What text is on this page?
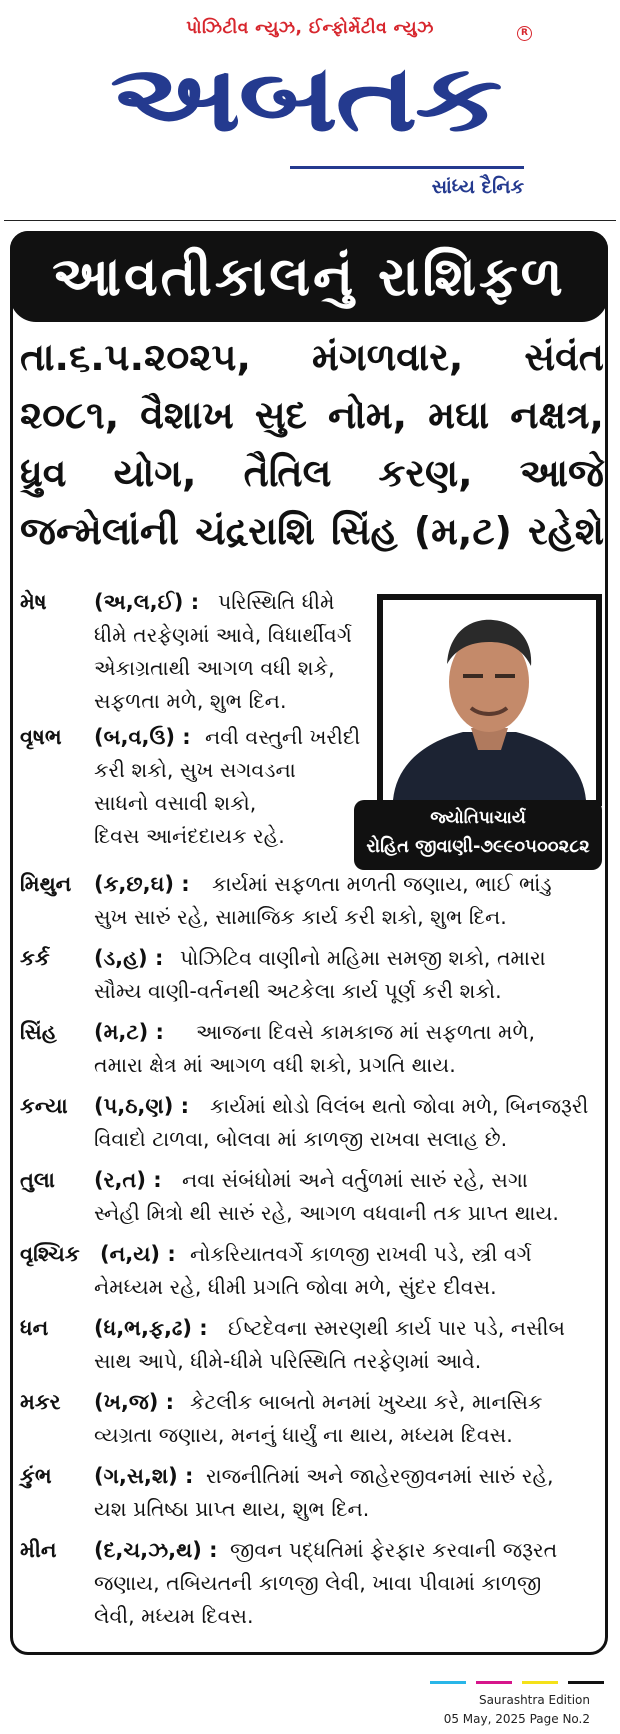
પોઝિટીવ ન્યુઝ, ઈન્ફોર્મેટીવ ન્યુઝ	R
અબતક
સાંધ્ય દૈનિક
આવતીકાલનું રાશિફળ
તા.૬.૫.૨૦૨૫, મંગળવાર, સંવંત
૨૦૮૧, વૈશાખ સુદ નોમ, મઘા નક્ષત્ર,
ધ્રુવ યોગ, તૈતિલ કરણ, આજે
જન્મેલાંની ચંદ્રરાશિ સિંહ (મ,ટ) રહેશે
જ્યોતિપાચાર્ય
રોહિત જીવાણી-૭૯૯૦૫૦૦૨૮૨
મેષ (અ,લ,ઈ) : પરિસ્થિતિ ધીમે
ધીમે તરફેણમાં આવે, વિધાર્થીવર્ગ
એકાગ્રતાથી આગળ વધી શકે,
સફળતા મળે, શુભ દિન.
વૃષભ (બ,વ,ઉ) : નવી વસ્તુની ખરીદી
કરી શકો, સુખ સગવડના
સાધનો વસાવી શકો,
દિવસ આનંદદાયક રહે.
મિથુન (ક,છ,ઘ) : કાર્યમાં સફળતા મળતી જણાય, ભાઈ ભાંડુ
સુખ સારું રહે, સામાજિક કાર્ય કરી શકો, શુભ દિન.
કર્ક (ડ,હ) : પોઝિટિવ વાણીનો મહિમા સમજી શકો, તમારા
સૌમ્ય વાણી-વર્તનથી અટકેલા કાર્ય પૂર્ણ કરી શકો.
સિંહ (મ,ટ) : આજના દિવસે કામકાજ માં સફળતા મળે,
તમારા ક્ષેત્ર માં આગળ વધી શકો, પ્રગતિ થાય.
કન્યા (પ,ઠ,ણ) : કાર્યમાં થોડો વિલંબ થતો જોવા મળે, બિનજરૂરી
વિવાદો ટાળવા, બોલવા માં કાળજી રાખવા સલાહ છે.
તુલા (ર,ત) : નવા સંબંધોમાં અને વર્તુળમાં સારું રહે, સગા
સ્નેહી મિત્રો થી સારું રહે, આગળ વધવાની તક પ્રાપ્ત થાય.
વૃશ્ચિક (ન,ય) : નોકરિયાતવર્ગે કાળજી રાખવી પડે, સ્ત્રી વર્ગ
નેમધ્યમ રહે, ધીમી પ્રગતિ જોવા મળે, સુંદર દીવસ.
ધન (ધ,ભ,ફ,ઢ) : ઈષ્ટદેવના સ્મરણથી કાર્ય પાર પડે, નસીબ
સાથ આપે, ધીમે-ધીમે પરિસ્થિતિ તરફેણમાં આવે.
મકર (ખ,જ) : કેટલીક બાબતો મનમાં ખુચ્યા કરે, માનસિક
વ્યગ્રતા જણાય, મનનું ધાર્યું ના થાય, મધ્યમ દિવસ.
કુંભ (ગ,સ,શ) : રાજનીતિમાં અને જાહેરજીવનમાં સારું રહે,
યશ પ્રતિષ્ઠા પ્રાપ્ત થાય, શુભ દિન.
મીન (દ,ચ,ઝ,થ) : જીવન પદ્ધતિમાં ફેરફાર કરવાની જરૂરત
જણાય, તબિયતની કાળજી લેવી, ખાવા પીવામાં કાળજી
લેવી, મધ્યમ દિવસ.
Saurashtra Edition
05 May, 2025 Page No.2
